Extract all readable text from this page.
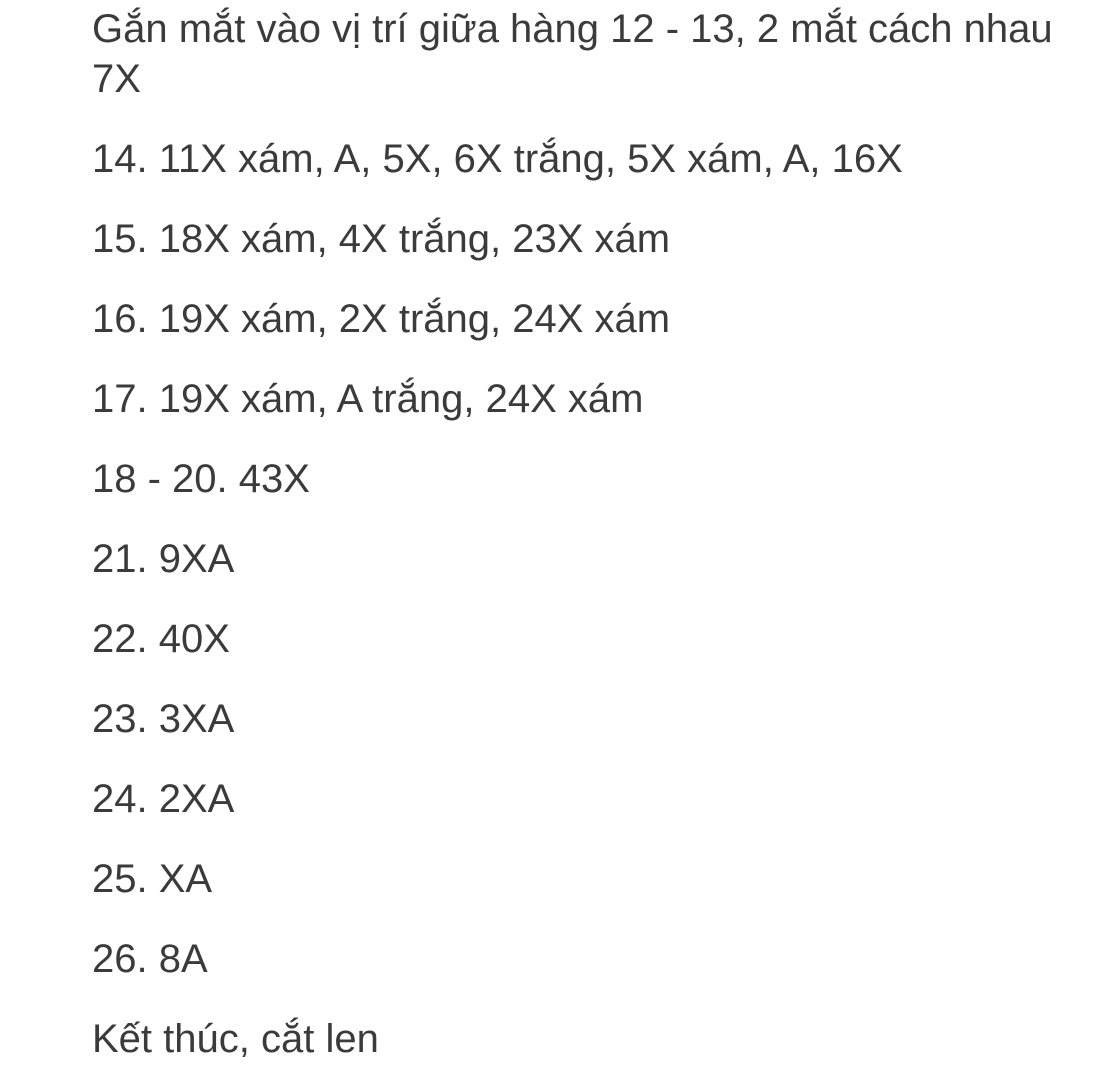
Gắn mắt vào vị trí giữa hàng 12 - 13, 2 mắt cách nhau 7X

14. 11X xám, A, 5X, 6X trắng, 5X xám, A, 16X

15. 18X xám, 4X trắng, 23X xám

16. 19X xám, 2X trắng, 24X xám

17. 19X xám, A trắng, 24X xám

18 - 20. 43X

21. 9XA

22. 40X

23. 3XA

24. 2XA

25. XA

26. 8A

Kết thúc, cắt len
